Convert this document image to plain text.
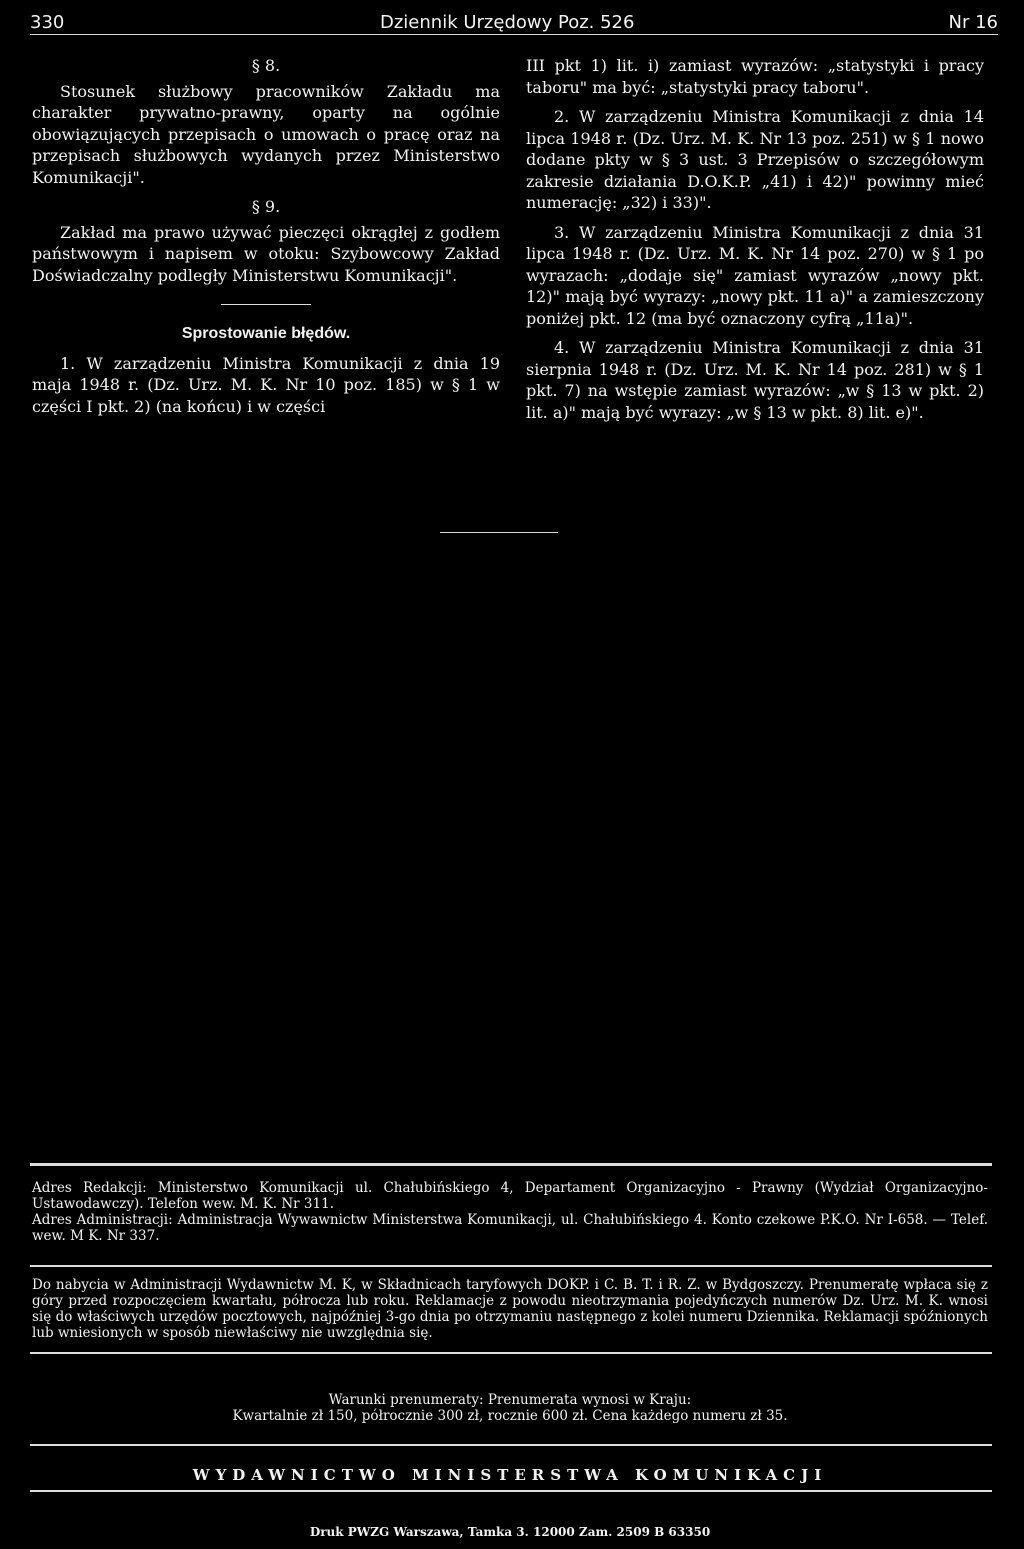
330	Dziennik Urzędowy Poz. 526	Nr 16
§ 8.
Stosunek służbowy pracowników Zakładu ma charakter prywatno-prawny, oparty na ogólnie obowiązujących przepisach o umowach o pracę oraz na przepisach służbowych wydanych przez Ministerstwo Komunikacji".
§ 9.
Zakład ma prawo używać pieczęci okrągłej z godłem państwowym i napisem w otoku: Szybowcowy Zakład Doświadczalny podległy Ministerstwu Komunikacji".
Sprostowanie błędów.
1. W zarządzeniu Ministra Komunikacji z dnia 19 maja 1948 r. (Dz. Urz. M. K. Nr 10 poz. 185) w § 1 w części I pkt. 2) (na końcu) i w części
III pkt 1) lit. i) zamiast wyrazów: „statystyki i pracy taboru" ma być: „statystyki pracy taboru".
2. W zarządzeniu Ministra Komunikacji z dnia 14 lipca 1948 r. (Dz. Urz. M. K. Nr 13 poz. 251) w § 1 nowo dodane pkty w § 3 ust. 3 Przepisów o szczegółowym zakresie działania D.O.K.P. „41) i 42)" powinny mieć numerację: „32) i 33)".
3. W zarządzeniu Ministra Komunikacji z dnia 31 lipca 1948 r. (Dz. Urz. M. K. Nr 14 poz. 270) w § 1 po wyrazach: „dodaje się" zamiast wyrazów „nowy pkt. 12)" mają być wyrazy: „nowy pkt. 11 a)" a zamieszczony poniżej pkt. 12 (ma być oznaczony cyfrą „11a)".
4. W zarządzeniu Ministra Komunikacji z dnia 31 sierpnia 1948 r. (Dz. Urz. M. K. Nr 14 poz. 281) w § 1 pkt. 7) na wstępie zamiast wyrazów: „w § 13 w pkt. 2) lit. a)" mają być wyrazy: „w § 13 w pkt. 8) lit. e)".
Adres Redakcji: Ministerstwo Komunikacji ul. Chałubińskiego 4, Departament Organizacyjno - Prawny (Wydział Organizacyjno-Ustawodawczy). Telefon wew. M. K. Nr 311.
Adres Administracji: Administracja Wywawnictw Ministerstwa Komunikacji, ul. Chałubińskiego 4. Konto czekowe P.K.O. Nr I-658. — Telef. wew. M K. Nr 337.
Do nabycia w Administracji Wydawnictw M. K, w Składnicach taryfowych DOKP. i C. B. T. i R. Z. w Bydgoszczy. Prenumeratę wpłaca się z góry przed rozpoczęciem kwartału, półrocza lub roku. Reklamacje z powodu nieotrzymania pojedyńczych numerów Dz. Urz. M. K. wnosi się do właściwych urzędów pocztowych, najpóźniej 3-go dnia po otrzymaniu następnego z kolei numeru Dziennika. Reklamacji spóźnionych lub wniesionych w sposób niewłaściwy nie uwzględnia się.
Warunki prenumeraty: Prenumerata wynosi w Kraju:
Kwartalnie zł 150, półrocznie 300 zł, rocznie 600 zł. Cena każdego numeru zł 35.
WYDAWNICTWO MINISTERSTWA KOMUNIKACJI
Druk PWZG Warszawa, Tamka 3. 12000 Zam. 2509 B 63350
